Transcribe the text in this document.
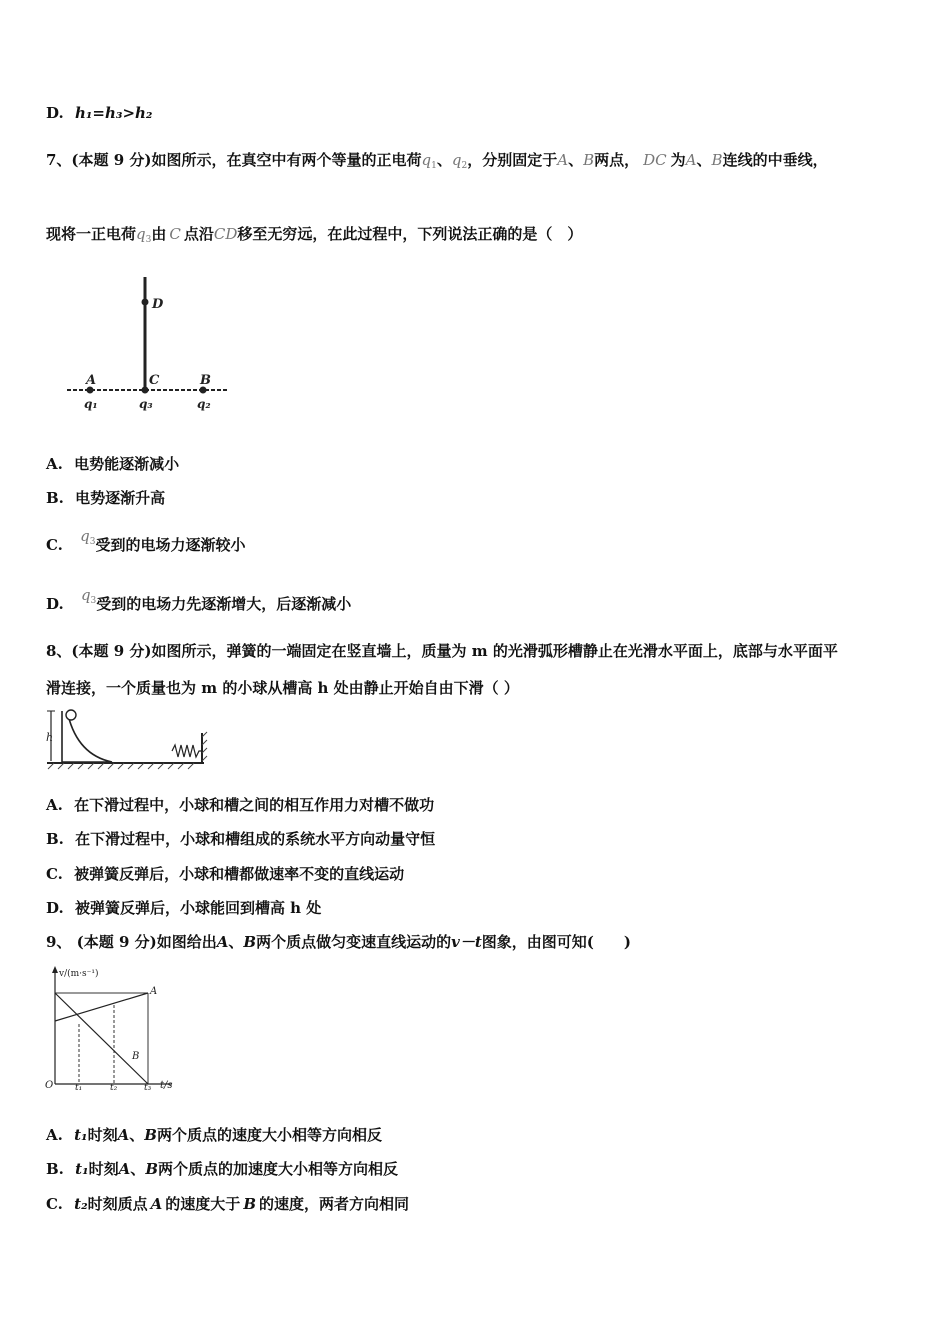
D. h₁=h₃>h₂
7、(本题 9 分)如图所示，在真空中有两个等量的正电荷$q_1$、$q_2$，分别固定于A、B两点， DC 为A、B连线的中垂线，
现将一正电荷$q_3$由 C 点沿CD移至无穷远，在此过程中，下列说法正确的是（　）
D
A	C	B
q₁	q₃	q₂
A. 电势能逐渐减小
B. 电势逐渐升高
C. $q_3$受到的电场力逐渐较小
D. $q_3$受到的电场力先逐渐增大，后逐渐减小
8、(本题 9 分)如图所示，弹簧的一端固定在竖直墙上，质量为 m 的光滑弧形槽静止在光滑水平面上，底部与水平面平
滑连接，一个质量也为 m 的小球从槽高 h 处由静止开始自由下滑（ ）
h
A. 在下滑过程中，小球和槽之间的相互作用力对槽不做功
B. 在下滑过程中，小球和槽组成的系统水平方向动量守恒
C. 被弹簧反弹后，小球和槽都做速率不变的直线运动
D. 被弹簧反弹后，小球能回到槽高 h 处
9、 (本题 9 分)如图给出A、B两个质点做匀变速直线运动的v－t图象，由图可知(　　)
v/(m·s⁻¹)
t/s
O
A
B
t₁	t₂	t₃
A. t₁时刻A、B两个质点的速度大小相等方向相反
B. t₁时刻A、B两个质点的加速度大小相等方向相反
C. t₂时刻质点 A 的速度大于 B 的速度，两者方向相同
